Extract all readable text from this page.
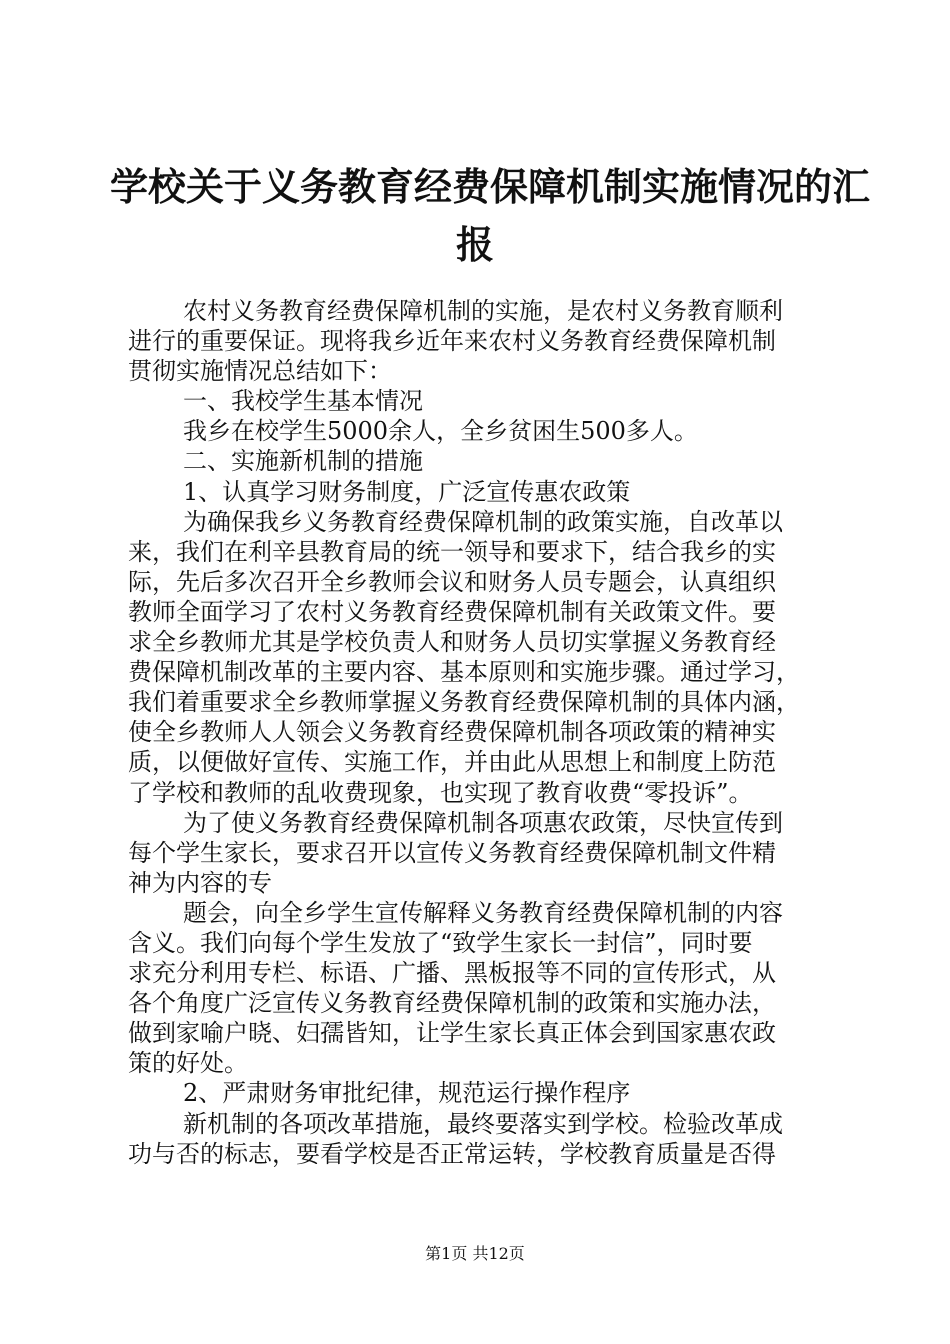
学校关于义务教育经费保障机制实施情况的汇
报
农村义务教育经费保障机制的实施，是农村义务教育顺利
进行的重要保证。现将我乡近年来农村义务教育经费保障机制
贯彻实施情况总结如下：
一、我校学生基本情况
我乡在校学生5000余人，全乡贫困生500多人。
二、实施新机制的措施
1、认真学习财务制度，广泛宣传惠农政策
为确保我乡义务教育经费保障机制的政策实施，自改革以
来，我们在利辛县教育局的统一领导和要求下，结合我乡的实
际，先后多次召开全乡教师会议和财务人员专题会，认真组织
教师全面学习了农村义务教育经费保障机制有关政策文件。要
求全乡教师尤其是学校负责人和财务人员切实掌握义务教育经
费保障机制改革的主要内容、基本原则和实施步骤。通过学习，
我们着重要求全乡教师掌握义务教育经费保障机制的具体内涵，
使全乡教师人人领会义务教育经费保障机制各项政策的精神实
质，以便做好宣传、实施工作，并由此从思想上和制度上防范
了学校和教师的乱收费现象，也实现了教育收费“零投诉”。
为了使义务教育经费保障机制各项惠农政策，尽快宣传到
每个学生家长，要求召开以宣传义务教育经费保障机制文件精
神为内容的专
题会，向全乡学生宣传解释义务教育经费保障机制的内容
含义。我们向每个学生发放了“致学生家长一封信”，同时要
求充分利用专栏、标语、广播、黑板报等不同的宣传形式，从
各个角度广泛宣传义务教育经费保障机制的政策和实施办法，
做到家喻户晓、妇孺皆知，让学生家长真正体会到国家惠农政
策的好处。
2、严肃财务审批纪律，规范运行操作程序
新机制的各项改革措施，最终要落实到学校。检验改革成
功与否的标志，要看学校是否正常运转，学校教育质量是否得
第1页 共12页
